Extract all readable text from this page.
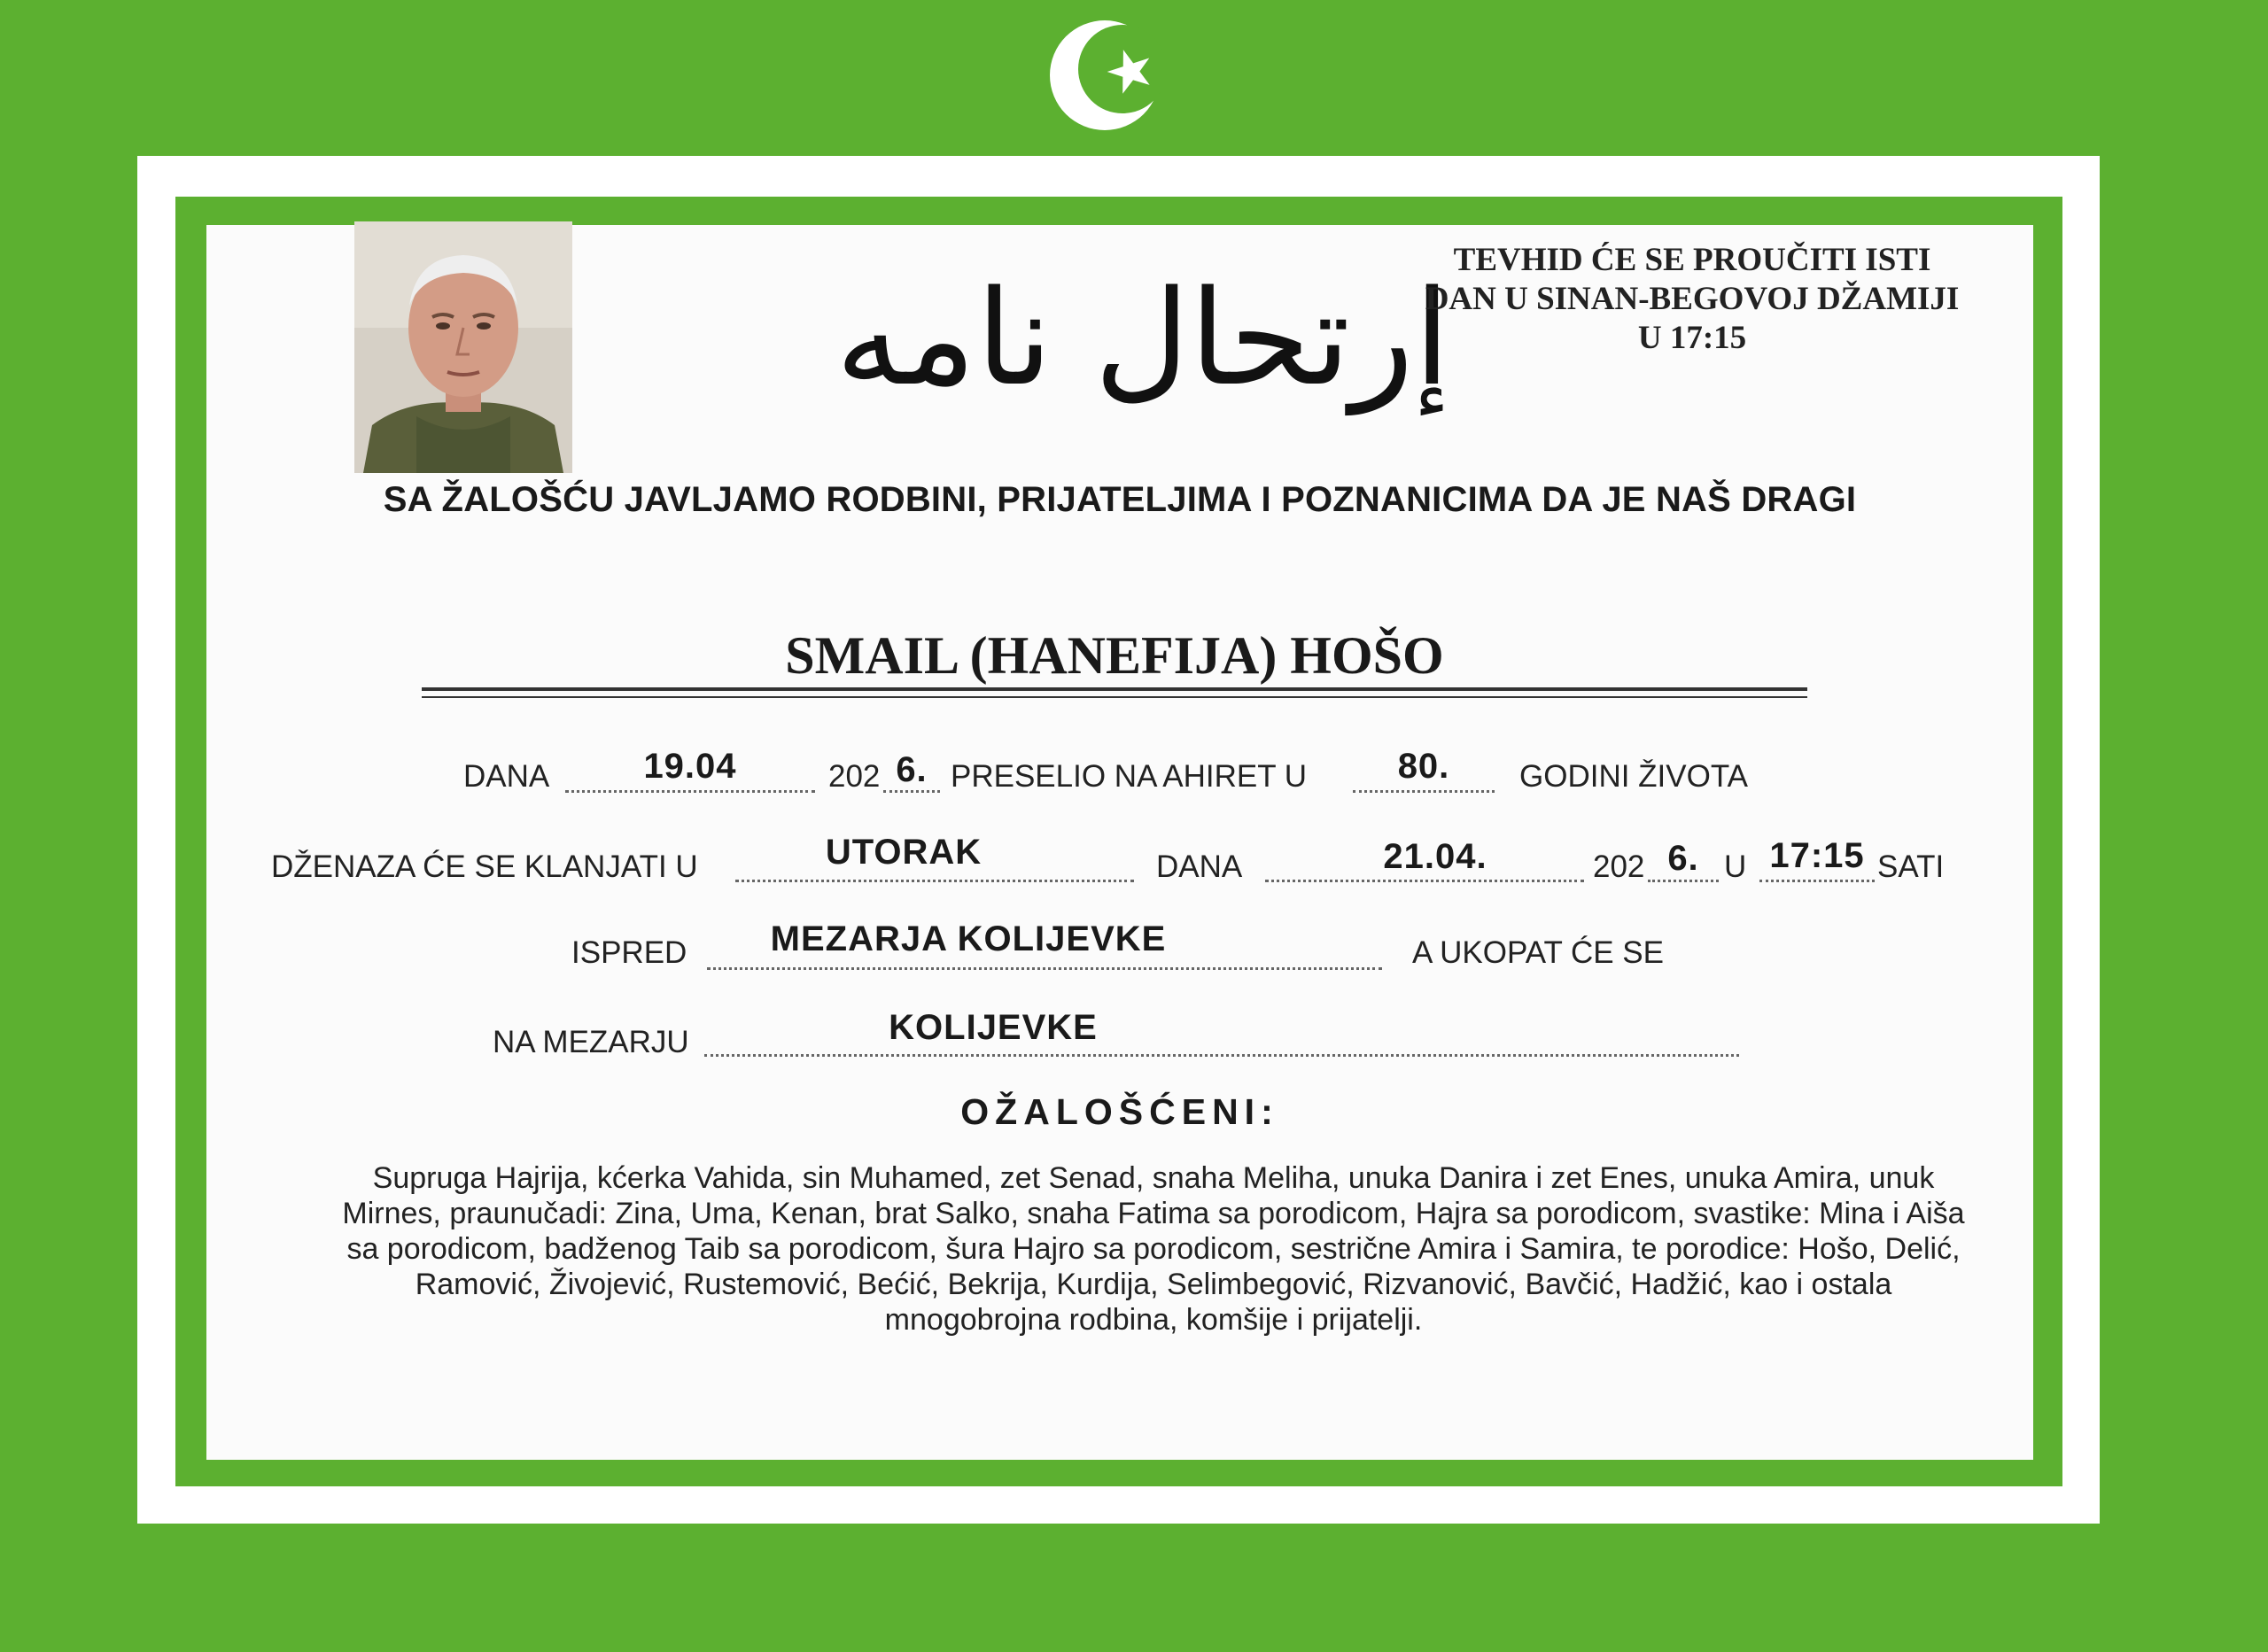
إرتحال نامه
TEVHID ĆE SE PROUČITI ISTI
DAN U SINAN-BEGOVOJ DŽAMIJI
U 17:15
SA ŽALOŠĆU JAVLJAMO RODBINI, PRIJATELJIMA I POZNANICIMA DA JE NAŠ DRAGI
SMAIL (HANEFIJA) HOŠO
DANA	19.04	202 6. PRESELIO NA AHIRET U	80.	GODINI ŽIVOTA
DŽENAZA ĆE SE KLANJATI U	UTORAK	DANA	21.04.	202 6. U 17:15 SATI
ISPRED	MEZARJA KOLIJEVKE	A UKOPAT ĆE SE
NA MEZARJU	KOLIJEVKE
OŽALOŠĆENI:
Supruga Hajrija, kćerka Vahida, sin Muhamed, zet Senad, snaha Meliha, unuka Danira i zet Enes, unuka Amira, unuk
Mirnes, praunučadi: Zina, Uma, Kenan, brat Salko, snaha Fatima sa porodicom, Hajra sa porodicom, svastike: Mina i Aiša
sa porodicom, badženog Taib sa porodicom, šura Hajro sa porodicom, sestrične Amira i Samira, te porodice: Hošo, Delić,
Ramović, Živojević, Rustemović, Bećić, Bekrija, Kurdija, Selimbegović, Rizvanović, Bavčić, Hadžić, kao i ostala
mnogobrojna rodbina, komšije i prijatelji.
